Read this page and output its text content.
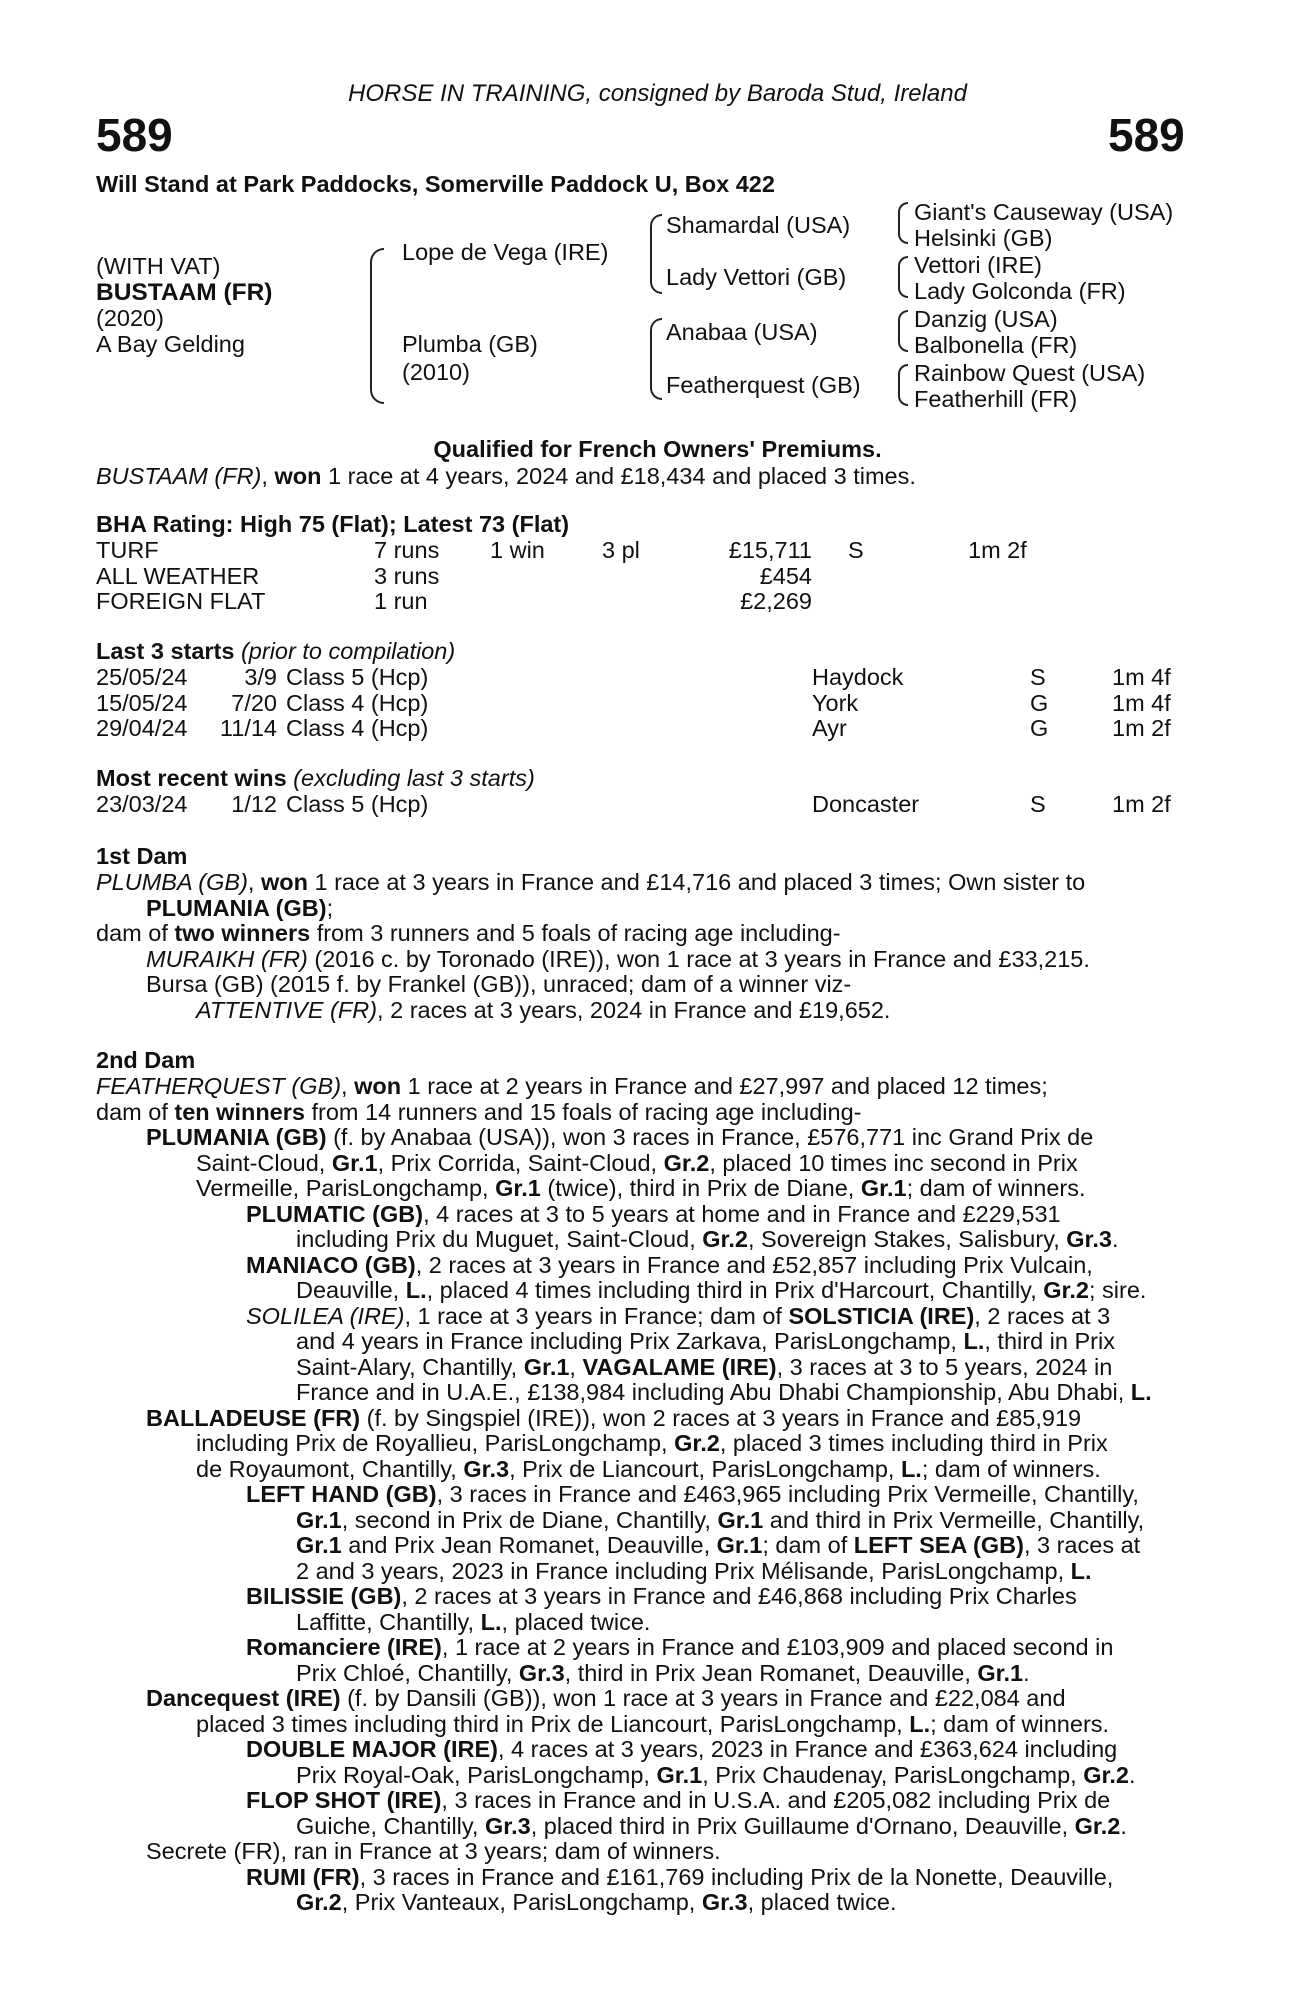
HORSE IN TRAINING, consigned by Baroda Stud, Ireland
589	589
Will Stand at Park Paddocks, Somerville Paddock U, Box 422
(WITH VAT)
BUSTAAM (FR)
(2020)
A Bay Gelding
Lope de Vega (IRE)
Plumba (GB)
(2010)
Shamardal (USA)
Lady Vettori (GB)
Anabaa (USA)
Featherquest (GB)
Giant's Causeway (USA)
Helsinki (GB)
Vettori (IRE)
Lady Golconda (FR)
Danzig (USA)
Balbonella (FR)
Rainbow Quest (USA)
Featherhill (FR)
Qualified for French Owners' Premiums.
BUSTAAM (FR), won 1 race at 4 years, 2024 and £18,434 and placed 3 times.
BHA Rating: High 75 (Flat); Latest 73 (Flat)
TURF	7 runs 1 win 3 pl	£15,711 S	1m 2f
ALL WEATHER	3 runs	£454
FOREIGN FLAT	1 run	£2,269
Last 3 starts (prior to compilation)
25/05/24 3/9 Class 5 (Hcp)	Haydock	S	1m 4f
15/05/24 7/20 Class 4 (Hcp)	York	G	1m 4f
29/04/24 11/14 Class 4 (Hcp)	Ayr	G	1m 2f
Most recent wins (excluding last 3 starts)
23/03/24 1/12 Class 5 (Hcp)	Doncaster	S	1m 2f
1st Dam
PLUMBA (GB), won 1 race at 3 years in France and £14,716 and placed 3 times; Own sister to
PLUMANIA (GB);
dam of two winners from 3 runners and 5 foals of racing age including-
MURAIKH (FR) (2016 c. by Toronado (IRE)), won 1 race at 3 years in France and £33,215.
Bursa (GB) (2015 f. by Frankel (GB)), unraced; dam of a winner viz-
ATTENTIVE (FR), 2 races at 3 years, 2024 in France and £19,652.
2nd Dam
FEATHERQUEST (GB), won 1 race at 2 years in France and £27,997 and placed 12 times;
dam of ten winners from 14 runners and 15 foals of racing age including-
PLUMANIA (GB) (f. by Anabaa (USA)), won 3 races in France, £576,771 inc Grand Prix de
Saint-Cloud, Gr.1, Prix Corrida, Saint-Cloud, Gr.2, placed 10 times inc second in Prix
Vermeille, ParisLongchamp, Gr.1 (twice), third in Prix de Diane, Gr.1; dam of winners.
PLUMATIC (GB), 4 races at 3 to 5 years at home and in France and £229,531
including Prix du Muguet, Saint-Cloud, Gr.2, Sovereign Stakes, Salisbury, Gr.3.
MANIACO (GB), 2 races at 3 years in France and £52,857 including Prix Vulcain,
Deauville, L., placed 4 times including third in Prix d'Harcourt, Chantilly, Gr.2; sire.
SOLILEA (IRE), 1 race at 3 years in France; dam of SOLSTICIA (IRE), 2 races at 3
and 4 years in France including Prix Zarkava, ParisLongchamp, L., third in Prix
Saint-Alary, Chantilly, Gr.1, VAGALAME (IRE), 3 races at 3 to 5 years, 2024 in
France and in U.A.E., £138,984 including Abu Dhabi Championship, Abu Dhabi, L.
BALLADEUSE (FR) (f. by Singspiel (IRE)), won 2 races at 3 years in France and £85,919
including Prix de Royallieu, ParisLongchamp, Gr.2, placed 3 times including third in Prix
de Royaumont, Chantilly, Gr.3, Prix de Liancourt, ParisLongchamp, L.; dam of winners.
LEFT HAND (GB), 3 races in France and £463,965 including Prix Vermeille, Chantilly,
Gr.1, second in Prix de Diane, Chantilly, Gr.1 and third in Prix Vermeille, Chantilly,
Gr.1 and Prix Jean Romanet, Deauville, Gr.1; dam of LEFT SEA (GB), 3 races at
2 and 3 years, 2023 in France including Prix Mélisande, ParisLongchamp, L.
BILISSIE (GB), 2 races at 3 years in France and £46,868 including Prix Charles
Laffitte, Chantilly, L., placed twice.
Romanciere (IRE), 1 race at 2 years in France and £103,909 and placed second in
Prix Chloé, Chantilly, Gr.3, third in Prix Jean Romanet, Deauville, Gr.1.
Dancequest (IRE) (f. by Dansili (GB)), won 1 race at 3 years in France and £22,084 and
placed 3 times including third in Prix de Liancourt, ParisLongchamp, L.; dam of winners.
DOUBLE MAJOR (IRE), 4 races at 3 years, 2023 in France and £363,624 including
Prix Royal-Oak, ParisLongchamp, Gr.1, Prix Chaudenay, ParisLongchamp, Gr.2.
FLOP SHOT (IRE), 3 races in France and in U.S.A. and £205,082 including Prix de
Guiche, Chantilly, Gr.3, placed third in Prix Guillaume d'Ornano, Deauville, Gr.2.
Secrete (FR), ran in France at 3 years; dam of winners.
RUMI (FR), 3 races in France and £161,769 including Prix de la Nonette, Deauville,
Gr.2, Prix Vanteaux, ParisLongchamp, Gr.3, placed twice.
